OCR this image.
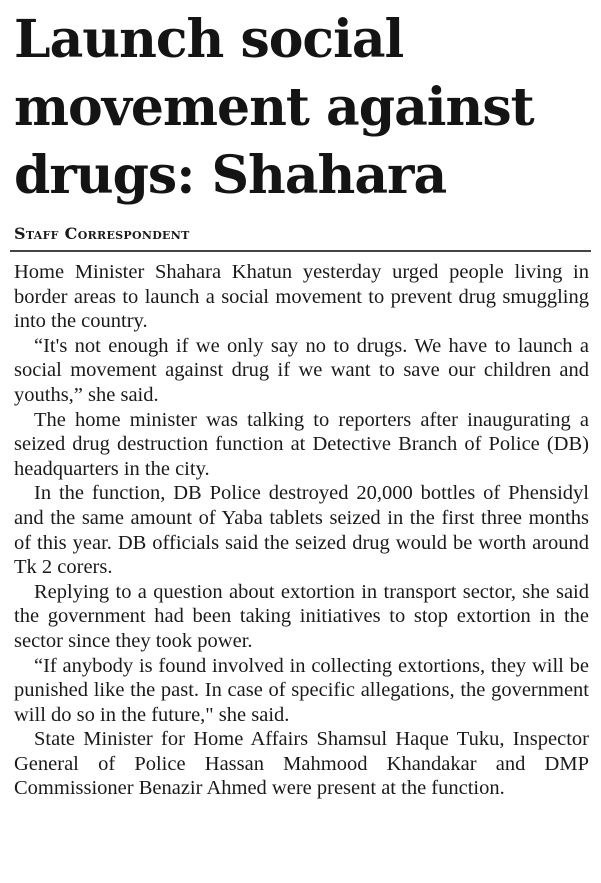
Launch social movement against drugs: Shahara
Staff Correspondent

Home Minister Shahara Khatun yesterday urged people living in border areas to launch a social movement to prevent drug smuggling into the country.

“It's not enough if we only say no to drugs. We have to launch a social movement against drug if we want to save our children and youths,” she said.

The home minister was talking to reporters after inaugurating a seized drug destruction function at Detective Branch of Police (DB) headquarters in the city.

In the function, DB Police destroyed 20,000 bottles of Phensidyl and the same amount of Yaba tablets seized in the first three months of this year. DB officials said the seized drug would be worth around Tk 2 corers.

Replying to a question about extortion in transport sector, she said the government had been taking initiatives to stop extortion in the sector since they took power.

“If anybody is found involved in collecting extortions, they will be punished like the past. In case of specific allegations, the government will do so in the future," she said.

State Minister for Home Affairs Shamsul Haque Tuku, Inspector General of Police Hassan Mahmood Khandakar and DMP Commissioner Benazir Ahmed were present at the function.
